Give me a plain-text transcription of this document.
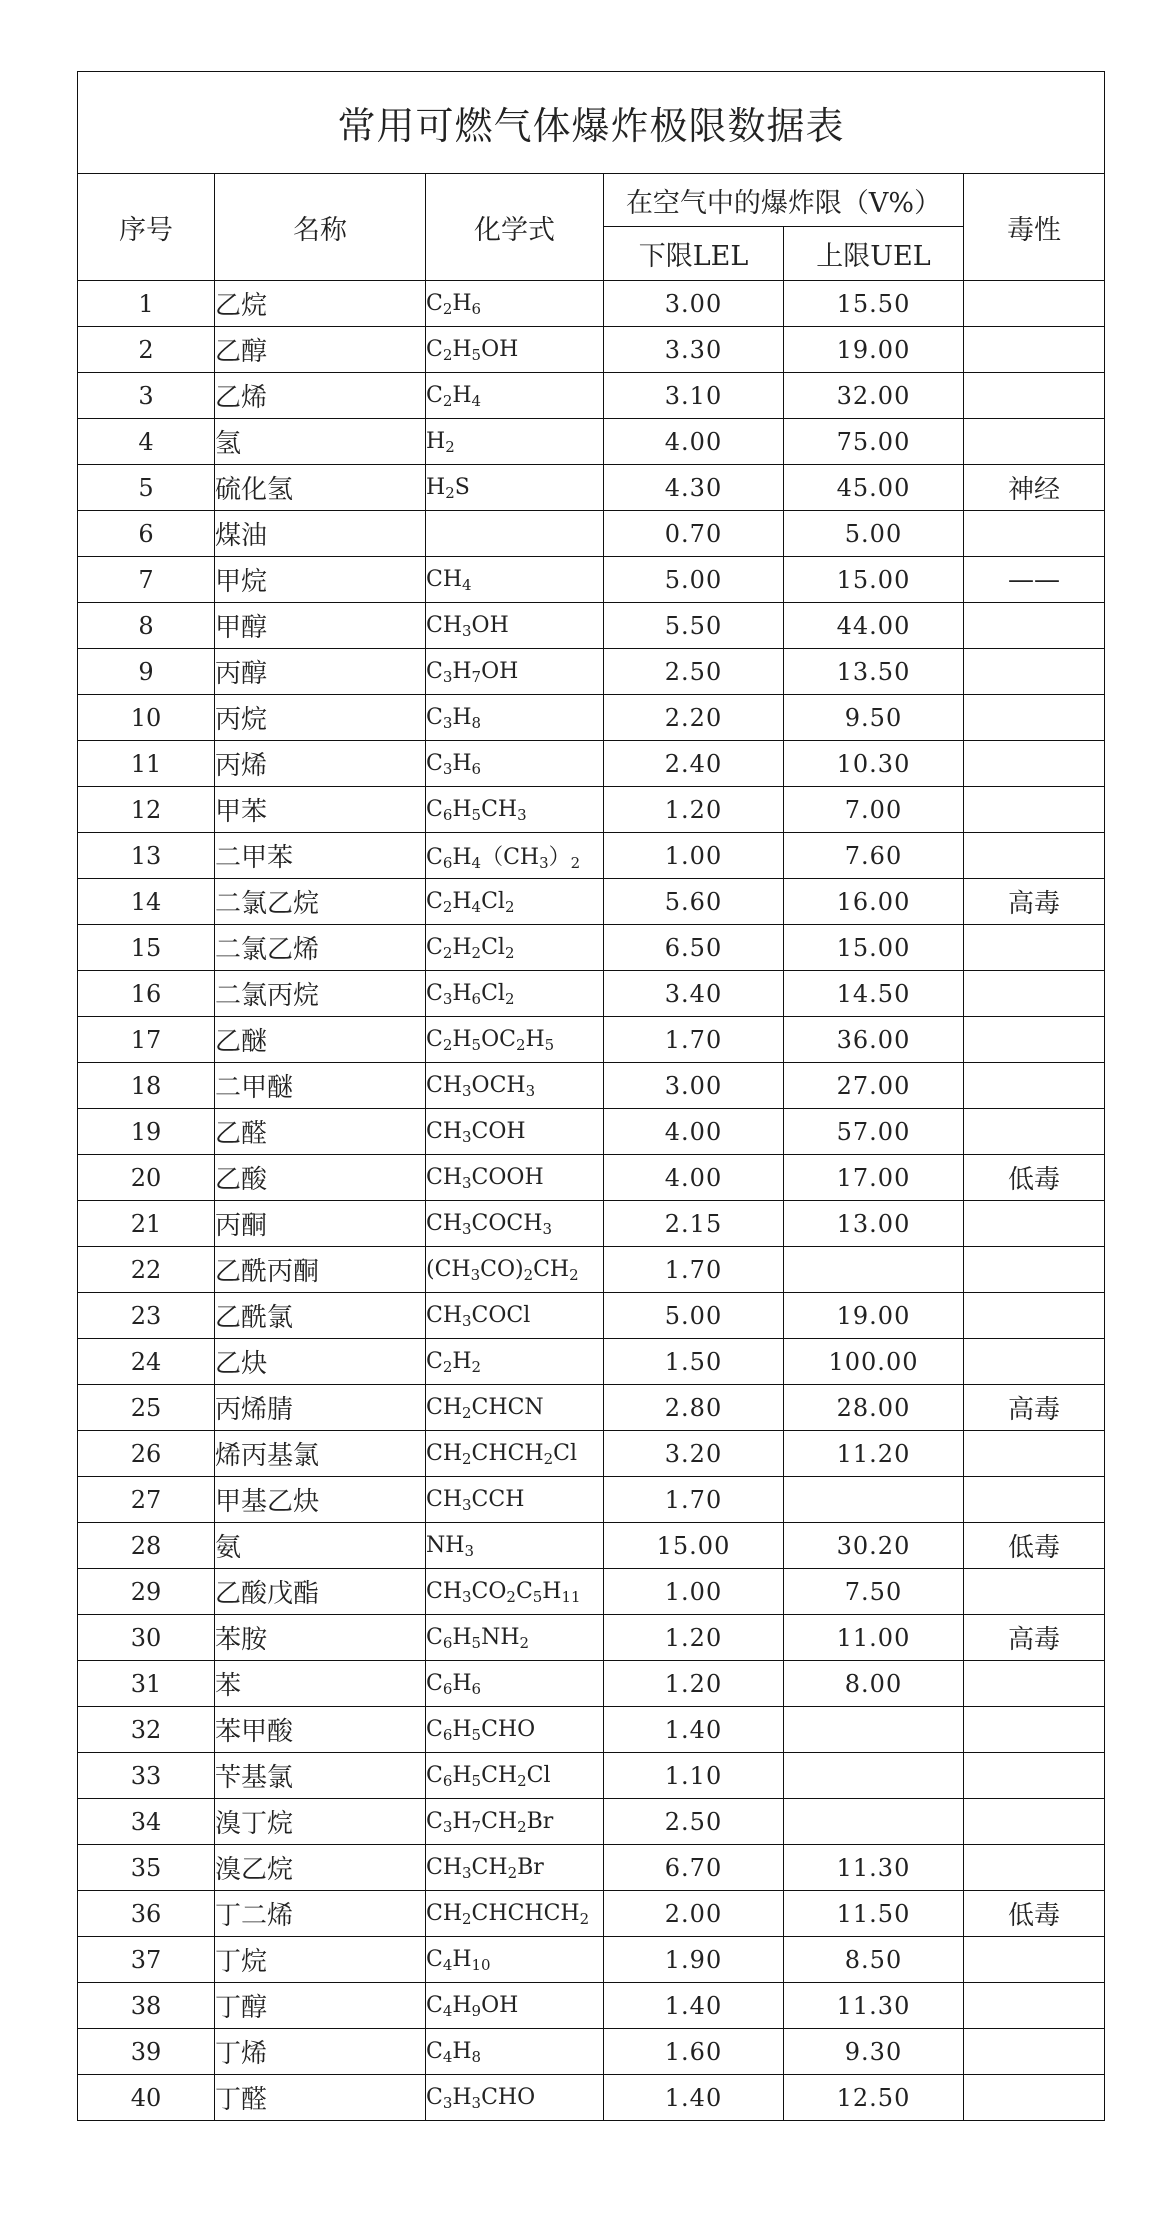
常用可燃气体爆炸极限数据表					
序号	名称	化学式	在空气中的爆炸限（V%）		毒性
			下限LEL	上限UEL	
1	乙烷	$C_2H_6$	3.00	15.50	
2	乙醇	$C_2H_5OH$	3.30	19.00	
3	乙烯	$C_2H_4$	3.10	32.00	
4	氢	$H_2$	4.00	75.00	
5	硫化氢	$H_2S$	4.30	45.00	神经
6	煤油		0.70	5.00	
7	甲烷	$CH_4$	5.00	15.00	——
8	甲醇	$CH_3OH$	5.50	44.00	
9	丙醇	$C_3H_7OH$	2.50	13.50	
10	丙烷	$C_3H_8$	2.20	9.50	
11	丙烯	$C_3H_6$	2.40	10.30	
12	甲苯	$C_6H_5CH_3$	1.20	7.00	
13	二甲苯	$C_6H_4(CH_3)_2$	1.00	7.60	
14	二氯乙烷	$C_2H_4Cl_2$	5.60	16.00	高毒
15	二氯乙烯	$C_2H_2Cl_2$	6.50	15.00	
16	二氯丙烷	$C_3H_6Cl_2$	3.40	14.50	
17	乙醚	$C_2H_5OC_2H_5$	1.70	36.00	
18	二甲醚	$CH_3OCH_3$	3.00	27.00	
19	乙醛	$CH_3COH$	4.00	57.00	
20	乙酸	$CH_3COOH$	4.00	17.00	低毒
21	丙酮	$CH_3COCH_3$	2.15	13.00	
22	乙酰丙酮	$(CH_3CO)_2CH_2$	1.70		
23	乙酰氯	$CH_3COCl$	5.00	19.00	
24	乙炔	$C_2H_2$	1.50	100.00	
25	丙烯腈	$CH_2CHCN$	2.80	28.00	高毒
26	烯丙基氯	$CH_2CHCH_2Cl$	3.20	11.20	
27	甲基乙炔	$CH_3CCH$	1.70		
28	氨	$NH_3$	15.00	30.20	低毒
29	乙酸戊酯	$CH_3CO_2C_5H_{11}$	1.00	7.50	
30	苯胺	$C_6H_5NH_2$	1.20	11.00	高毒
31	苯	$C_6H_6$	1.20	8.00	
32	苯甲酸	$C_6H_5CHO$	1.40		
33	苄基氯	$C_6H_5CH_2Cl$	1.10		
34	溴丁烷	$C_3H_7CH_2Br$	2.50		
35	溴乙烷	$CH_3CH_2Br$	6.70	11.30	
36	丁二烯	$CH_2CHCHCH_2$	2.00	11.50	低毒
37	丁烷	$C_4H_{10}$	1.90	8.50	
38	丁醇	$C_4H_9OH$	1.40	11.30	
39	丁烯	$C_4H_8$	1.60	9.30	
40	丁醛	$C_3H_3CHO$	1.40	12.50	
